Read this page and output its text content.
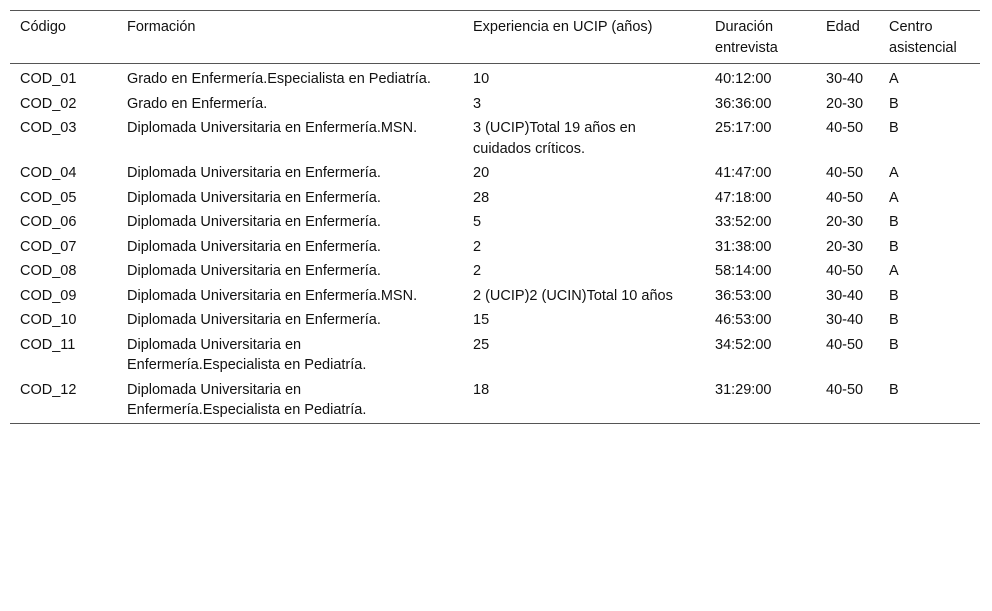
Código	Formación	Experiencia en UCIP (años)	Duración entrevista	Edad	Centro asistencial
COD_01	Grado en Enfermería.Especialista en Pediatría.	10	40:12:00	30-40	A
COD_02	Grado en Enfermería.	3	36:36:00	20-30	B
COD_03	Diplomada Universitaria en Enfermería.MSN.	3 (UCIP)Total 19 años en cuidados críticos.	25:17:00	40-50	B
COD_04	Diplomada Universitaria en Enfermería.	20	41:47:00	40-50	A
COD_05	Diplomada Universitaria en Enfermería.	28	47:18:00	40-50	A
COD_06	Diplomada Universitaria en Enfermería.	5	33:52:00	20-30	B
COD_07	Diplomada Universitaria en Enfermería.	2	31:38:00	20-30	B
COD_08	Diplomada Universitaria en Enfermería.	2	58:14:00	40-50	A
COD_09	Diplomada Universitaria en Enfermería.MSN.	2 (UCIP)2 (UCIN)Total 10 años	36:53:00	30-40	B
COD_10	Diplomada Universitaria en Enfermería.	15	46:53:00	30-40	B
COD_11	Diplomada Universitaria en Enfermería.Especialista en Pediatría.	25	34:52:00	40-50	B
COD_12	Diplomada Universitaria en Enfermería.Especialista en Pediatría.	18	31:29:00	40-50	B
